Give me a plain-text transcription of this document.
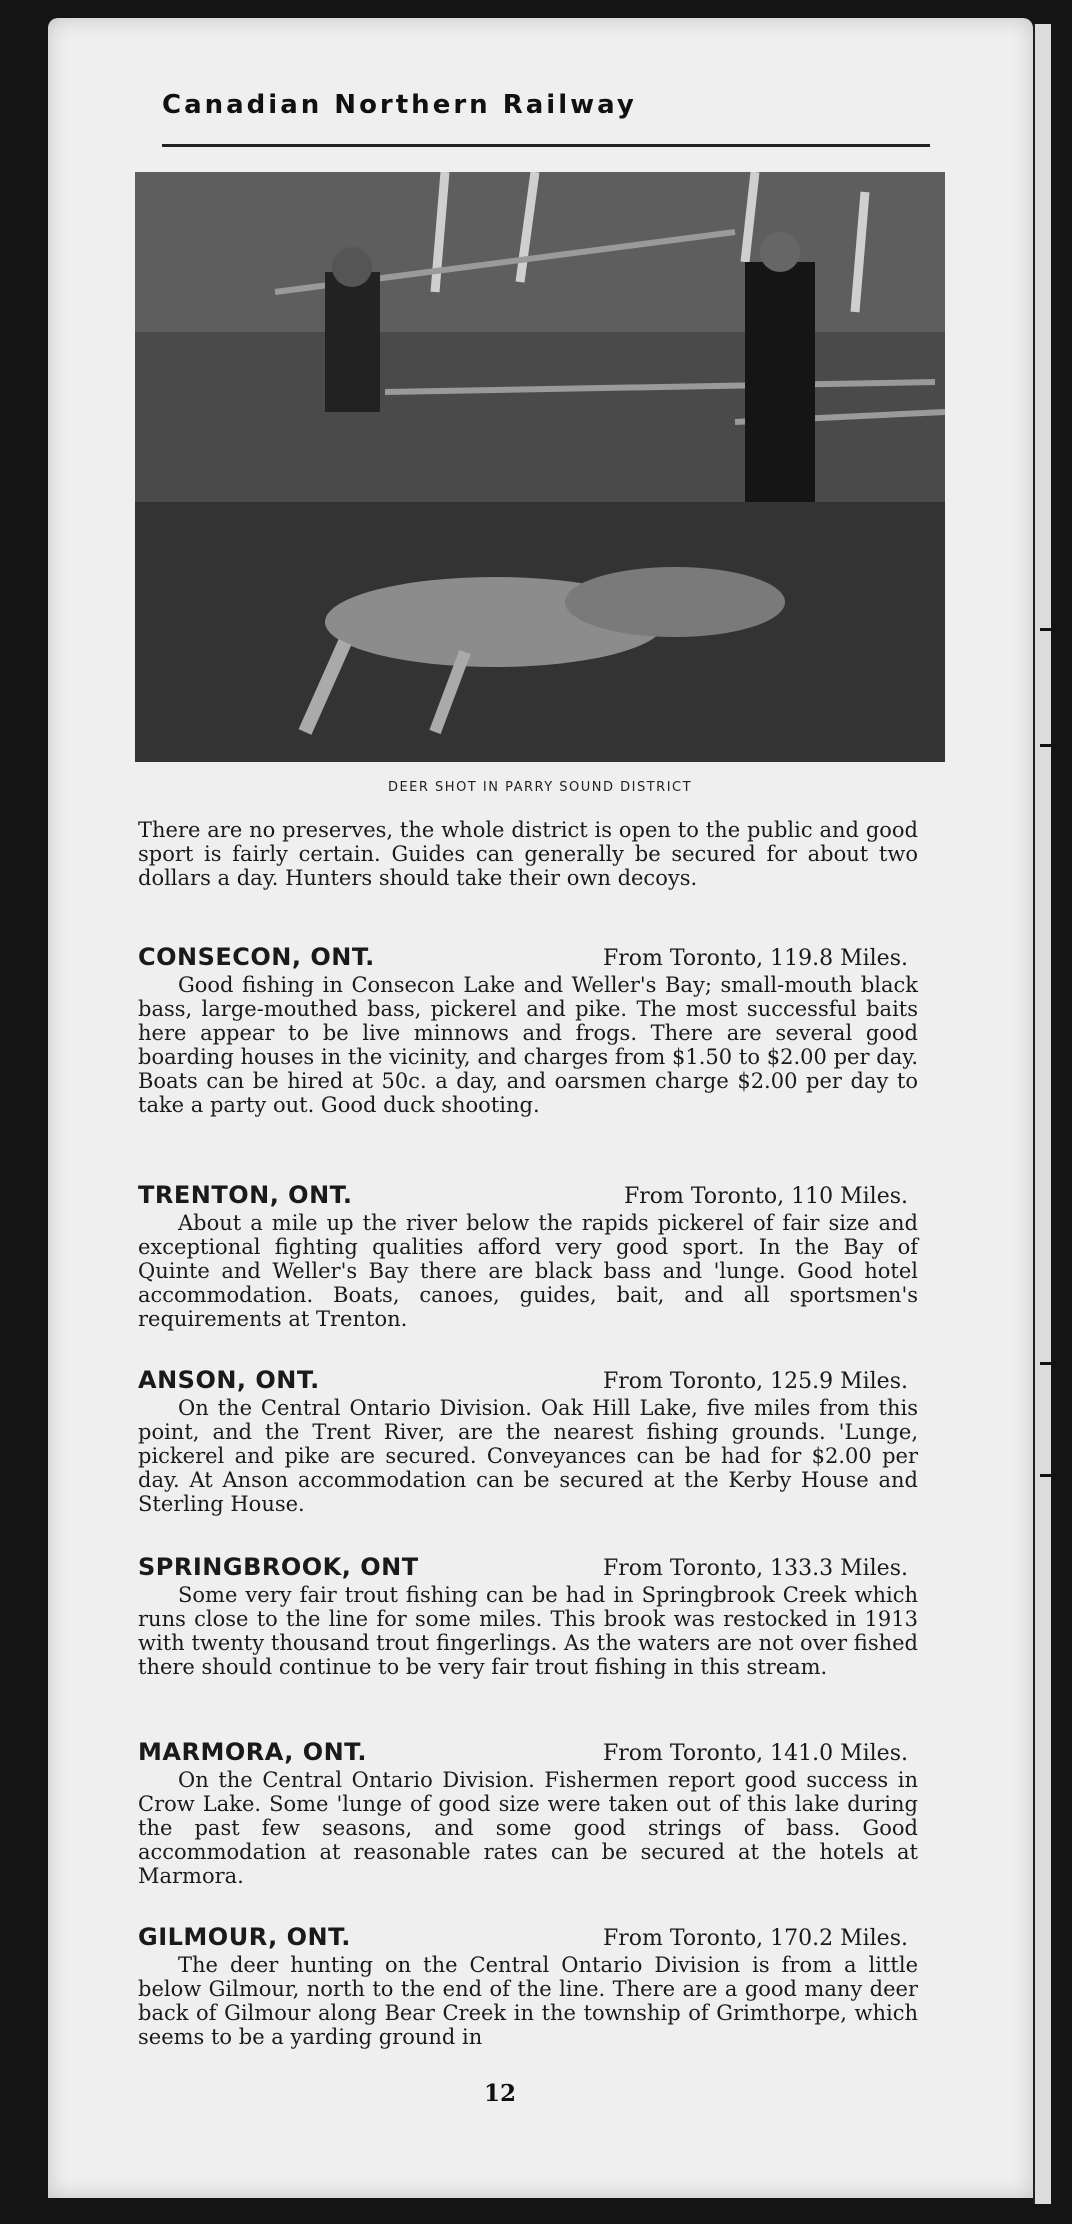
Canadian Northern Railway
DEER SHOT IN PARRY SOUND DISTRICT

There are no preserves, the whole district is open to the public and good sport is fairly certain. Guides can generally be secured for about two dollars a day. Hunters should take their own decoys.

CONSECON, ONT.	From Toronto, 119.8 Miles.

Good fishing in Consecon Lake and Weller's Bay; small-mouth black bass, large-mouthed bass, pickerel and pike. The most successful baits here appear to be live minnows and frogs. There are several good boarding houses in the vicinity, and charges from $1.50 to $2.00 per day. Boats can be hired at 50c. a day, and oarsmen charge $2.00 per day to take a party out. Good duck shooting.

TRENTON, ONT.	From Toronto, 110 Miles.

About a mile up the river below the rapids pickerel of fair size and exceptional fighting qualities afford very good sport. In the Bay of Quinte and Weller's Bay there are black bass and 'lunge. Good hotel accommodation. Boats, canoes, guides, bait, and all sportsmen's requirements at Trenton.

ANSON, ONT.	From Toronto, 125.9 Miles.

On the Central Ontario Division. Oak Hill Lake, five miles from this point, and the Trent River, are the nearest fishing grounds. 'Lunge, pickerel and pike are secured. Conveyances can be had for $2.00 per day. At Anson accommodation can be secured at the Kerby House and Sterling House.

SPRINGBROOK, ONT	From Toronto, 133.3 Miles.

Some very fair trout fishing can be had in Springbrook Creek which runs close to the line for some miles. This brook was restocked in 1913 with twenty thousand trout fingerlings. As the waters are not over fished there should continue to be very fair trout fishing in this stream.

MARMORA, ONT.	From Toronto, 141.0 Miles.

On the Central Ontario Division. Fishermen report good success in Crow Lake. Some 'lunge of good size were taken out of this lake during the past few seasons, and some good strings of bass. Good accommodation at reasonable rates can be secured at the hotels at Marmora.

GILMOUR, ONT.	From Toronto, 170.2 Miles.

The deer hunting on the Central Ontario Division is from a little below Gilmour, north to the end of the line. There are a good many deer back of Gilmour along Bear Creek in the township of Grimthorpe, which seems to be a yarding ground in

12
